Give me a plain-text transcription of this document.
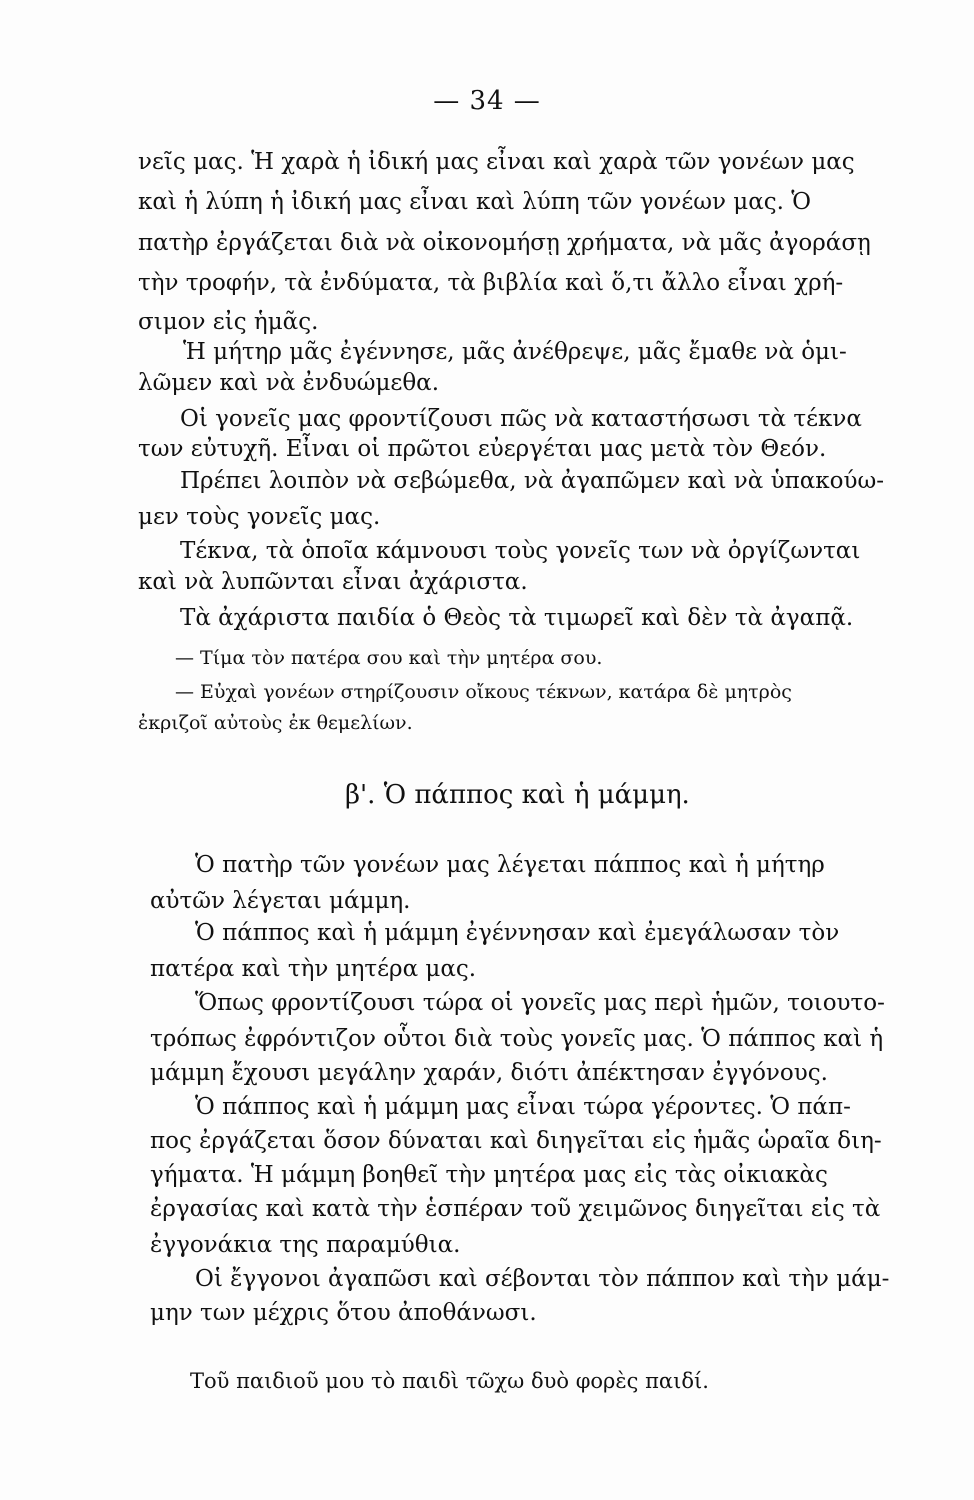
— 34 —
νεῖς μας. Ἡ χαρὰ ἡ ἰδική μας εἶναι καὶ χαρὰ τῶν γονέων μας
καὶ ἡ λύπη ἡ ἰδική μας εἶναι καὶ λύπη τῶν γονέων μας. Ὁ
πατὴρ ἐργάζεται διὰ νὰ οἰκονομήσῃ χρήματα, νὰ μᾶς ἀγοράσῃ
τὴν τροφήν, τὰ ἐνδύματα, τὰ βιβλία καὶ ὅ,τι ἄλλο εἶναι χρή-
σιμον εἰς ἡμᾶς.
Ἡ μήτηρ μᾶς ἐγέννησε, μᾶς ἀνέθρεψε, μᾶς ἔμαθε νὰ ὁμι-
λῶμεν καὶ νὰ ἐνδυώμεθα.
Οἱ γονεῖς μας φροντίζουσι πῶς νὰ καταστήσωσι τὰ τέκνα
των εὐτυχῆ. Εἶναι οἱ πρῶτοι εὐεργέται μας μετὰ τὸν Θεόν.
Πρέπει λοιπὸν νὰ σεβώμεθα, νὰ ἀγαπῶμεν καὶ νὰ ὑπακούω-
μεν τοὺς γονεῖς μας.
Τέκνα, τὰ ὁποῖα κάμνουσι τοὺς γονεῖς των νὰ ὀργίζωνται
καὶ νὰ λυπῶνται εἶναι ἀχάριστα.
Τὰ ἀχάριστα παιδία ὁ Θεὸς τὰ τιμωρεῖ καὶ δὲν τὰ ἀγαπᾷ.
— Τίμα τὸν πατέρα σου καὶ τὴν μητέρα σου.
— Εὐχαὶ γονέων στηρίζουσιν οἴκους τέκνων, κατάρα δὲ μητρὸς
ἐκριζοῖ αὐτοὺς ἐκ θεμελίων.
β'. Ὁ πάππος καὶ ἡ μάμμη.
Ὁ πατὴρ τῶν γονέων μας λέγεται πάππος καὶ ἡ μήτηρ
αὐτῶν λέγεται μάμμη.
Ὁ πάππος καὶ ἡ μάμμη ἐγέννησαν καὶ ἐμεγάλωσαν τὸν
πατέρα καὶ τὴν μητέρα μας.
Ὅπως φροντίζουσι τώρα οἱ γονεῖς μας περὶ ἡμῶν, τοιουτο-
τρόπως ἐφρόντιζον οὗτοι διὰ τοὺς γονεῖς μας. Ὁ πάππος καὶ ἡ
μάμμη ἔχουσι μεγάλην χαράν, διότι ἀπέκτησαν ἐγγόνους.
Ὁ πάππος καὶ ἡ μάμμη μας εἶναι τώρα γέροντες. Ὁ πάπ-
πος ἐργάζεται ὅσον δύναται καὶ διηγεῖται εἰς ἡμᾶς ὡραῖα διη-
γήματα. Ἡ μάμμη βοηθεῖ τὴν μητέρα μας εἰς τὰς οἰκιακὰς
ἐργασίας καὶ κατὰ τὴν ἑσπέραν τοῦ χειμῶνος διηγεῖται εἰς τὰ
ἐγγονάκια της παραμύθια.
Οἱ ἔγγονοι ἀγαπῶσι καὶ σέβονται τὸν πάππον καὶ τὴν μάμ-
μην των μέχρις ὅτου ἀποθάνωσι.
Τοῦ παιδιοῦ μου τὸ παιδὶ τῶχω δυὸ φορὲς παιδί.
